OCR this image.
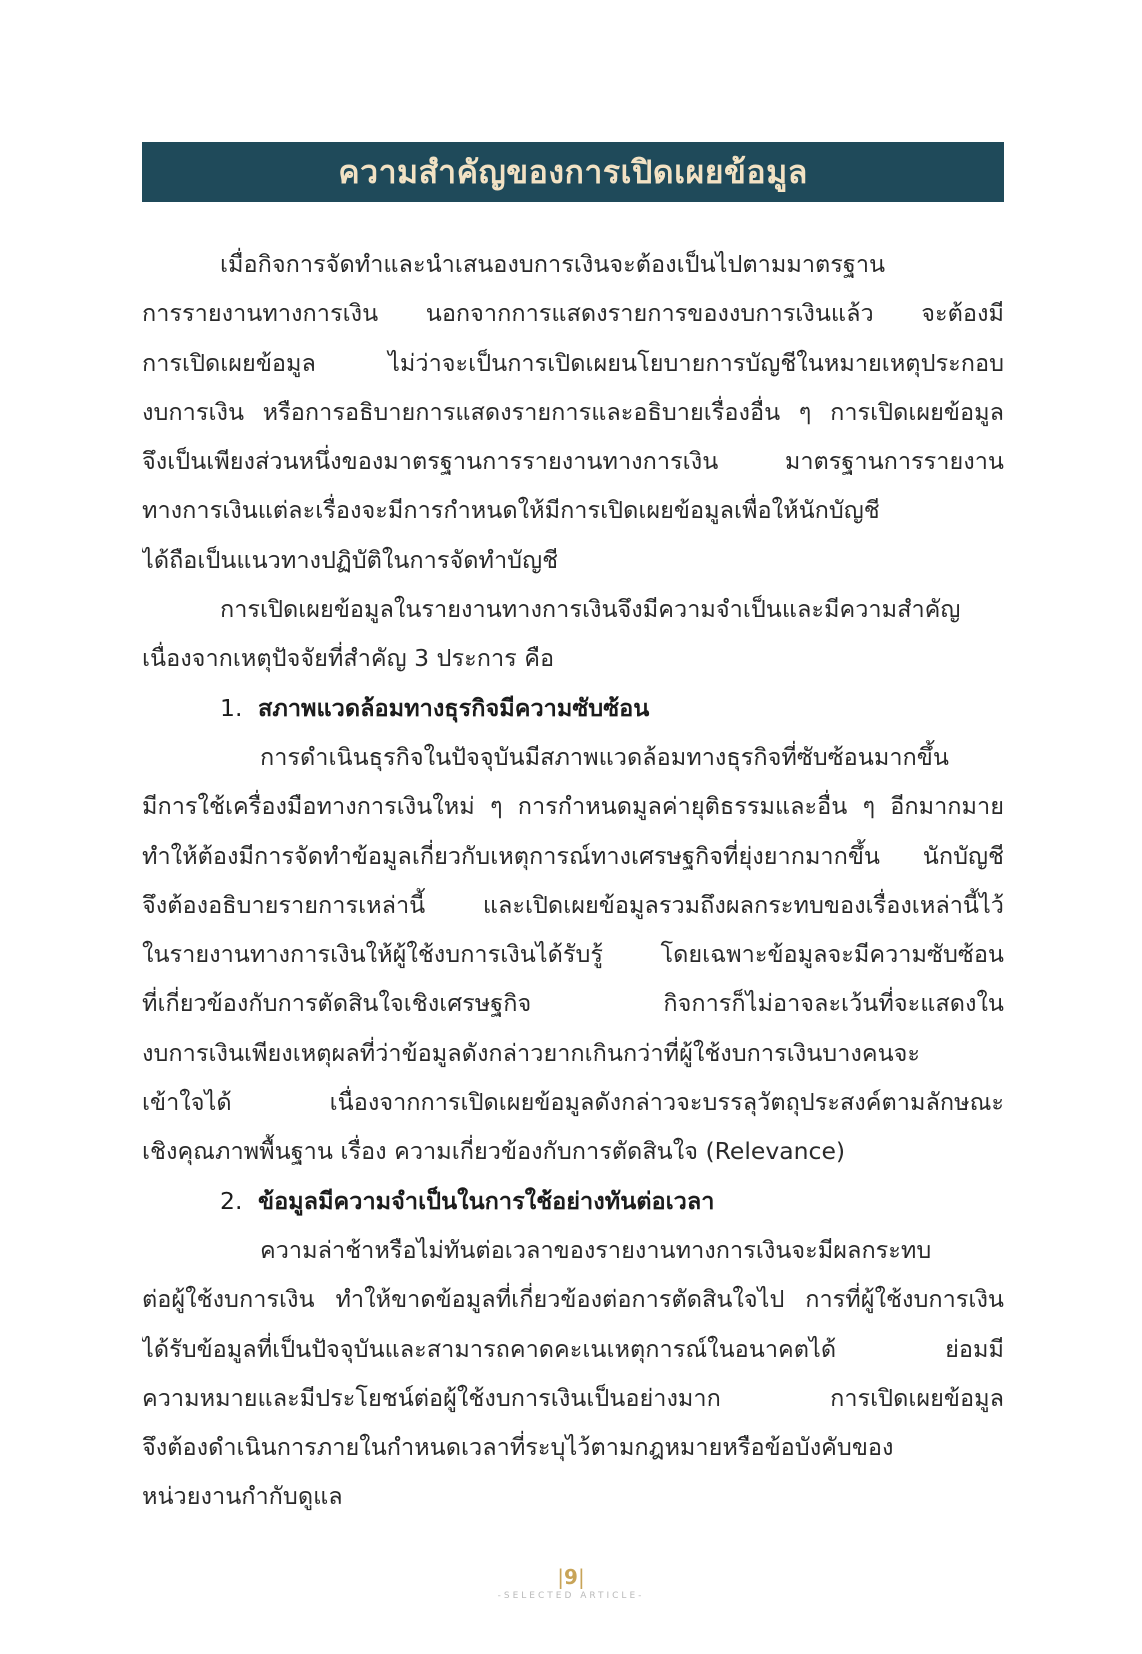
ความสำคัญของการเปิดเผยข้อมูล
เมื่อกิจการจัดทำและนำเสนองบการเงินจะต้องเป็นไปตามมาตรฐาน
การรายงานทางการเงิน นอกจากการแสดงรายการของงบการเงินแล้ว จะต้องมี
การเปิดเผยข้อมูล ไม่ว่าจะเป็นการเปิดเผยนโยบายการบัญชีในหมายเหตุประกอบ
งบการเงิน หรือการอธิบายการแสดงรายการและอธิบายเรื่องอื่น ๆ การเปิดเผยข้อมูล
จึงเป็นเพียงส่วนหนึ่งของมาตรฐานการรายงานทางการเงิน มาตรฐานการรายงาน
ทางการเงินแต่ละเรื่องจะมีการกำหนดให้มีการเปิดเผยข้อมูลเพื่อให้นักบัญชี
ได้ถือเป็นแนวทางปฏิบัติในการจัดทำบัญชี
การเปิดเผยข้อมูลในรายงานทางการเงินจึงมีความจำเป็นและมีความสำคัญ
เนื่องจากเหตุปัจจัยที่สำคัญ 3 ประการ คือ
1. สภาพแวดล้อมทางธุรกิจมีความซับซ้อน
การดำเนินธุรกิจในปัจจุบันมีสภาพแวดล้อมทางธุรกิจที่ซับซ้อนมากขึ้น
มีการใช้เครื่องมือทางการเงินใหม่ ๆ การกำหนดมูลค่ายุติธรรมและอื่น ๆ อีกมากมาย
ทำให้ต้องมีการจัดทำข้อมูลเกี่ยวกับเหตุการณ์ทางเศรษฐกิจที่ยุ่งยากมากขึ้น นักบัญชี
จึงต้องอธิบายรายการเหล่านี้ และเปิดเผยข้อมูลรวมถึงผลกระทบของเรื่องเหล่านี้ไว้
ในรายงานทางการเงินให้ผู้ใช้งบการเงินได้รับรู้ โดยเฉพาะข้อมูลจะมีความซับซ้อน
ที่เกี่ยวข้องกับการตัดสินใจเชิงเศรษฐกิจ กิจการก็ไม่อาจละเว้นที่จะแสดงใน
งบการเงินเพียงเหตุผลที่ว่าข้อมูลดังกล่าวยากเกินกว่าที่ผู้ใช้งบการเงินบางคนจะ
เข้าใจได้ เนื่องจากการเปิดเผยข้อมูลดังกล่าวจะบรรลุวัตถุประสงค์ตามลักษณะ
เชิงคุณภาพพื้นฐาน เรื่อง ความเกี่ยวข้องกับการตัดสินใจ (Relevance)
2. ข้อมูลมีความจำเป็นในการใช้อย่างทันต่อเวลา
ความล่าช้าหรือไม่ทันต่อเวลาของรายงานทางการเงินจะมีผลกระทบ
ต่อผู้ใช้งบการเงิน ทำให้ขาดข้อมูลที่เกี่ยวข้องต่อการตัดสินใจไป การที่ผู้ใช้งบการเงิน
ได้รับข้อมูลที่เป็นปัจจุบันและสามารถคาดคะเนเหตุการณ์ในอนาคตได้ ย่อมมี
ความหมายและมีประโยชน์ต่อผู้ใช้งบการเงินเป็นอย่างมาก การเปิดเผยข้อมูล
จึงต้องดำเนินการภายในกำหนดเวลาที่ระบุไว้ตามกฎหมายหรือข้อบังคับของ
หน่วยงานกำกับดูแล
|9|
-SELECTED ARTICLE-
